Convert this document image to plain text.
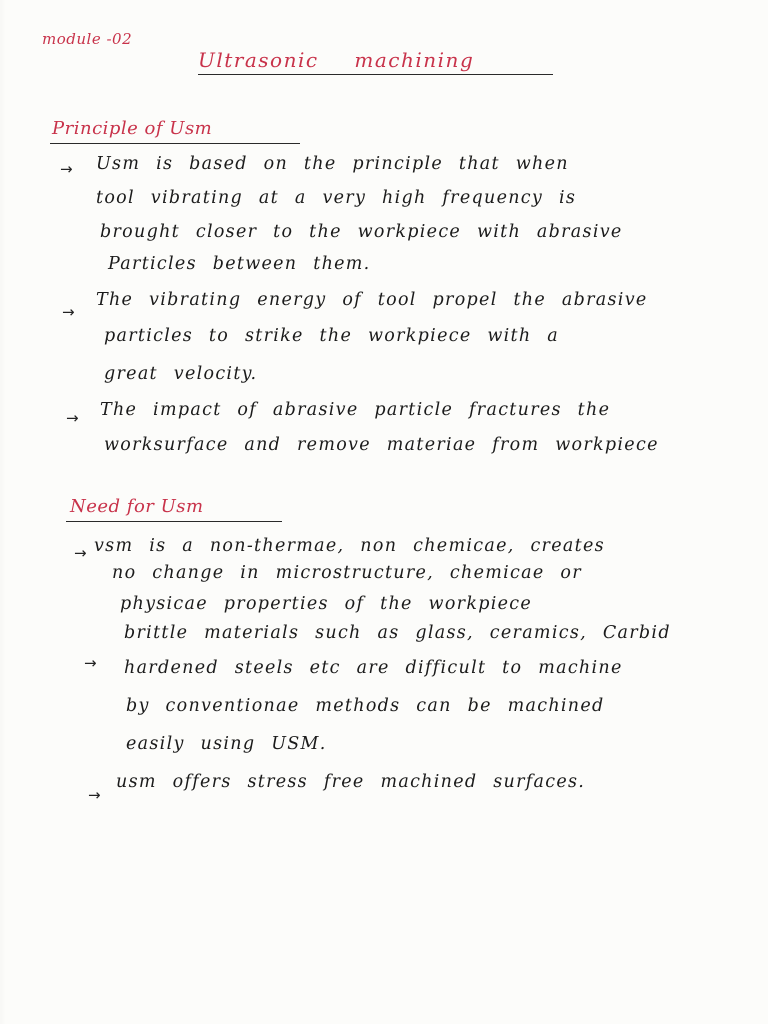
module -02
Ultrasonic machining
Principle of Usm
→ Usm is based on the principle that when
tool vibrating at a very high frequency is
brought closer to the workpiece with abrasive
Particles between them.
→
The vibrating energy of tool propel the abrasive
particles to strike the workpiece with a
great velocity.
→ The impact of abrasive particle fractures the
worksurface and remove materiae from workpiece
Need for Usm
→ vsm is a non-thermae, non chemicae, creates
no change in microstructure, chemicae or
physicae properties of the workpiece
→
brittle materials such as glass, ceramics, Carbid
hardened steels etc are difficult to machine
by conventionae methods can be machined
easily using USM.
→
usm offers stress free machined surfaces.
